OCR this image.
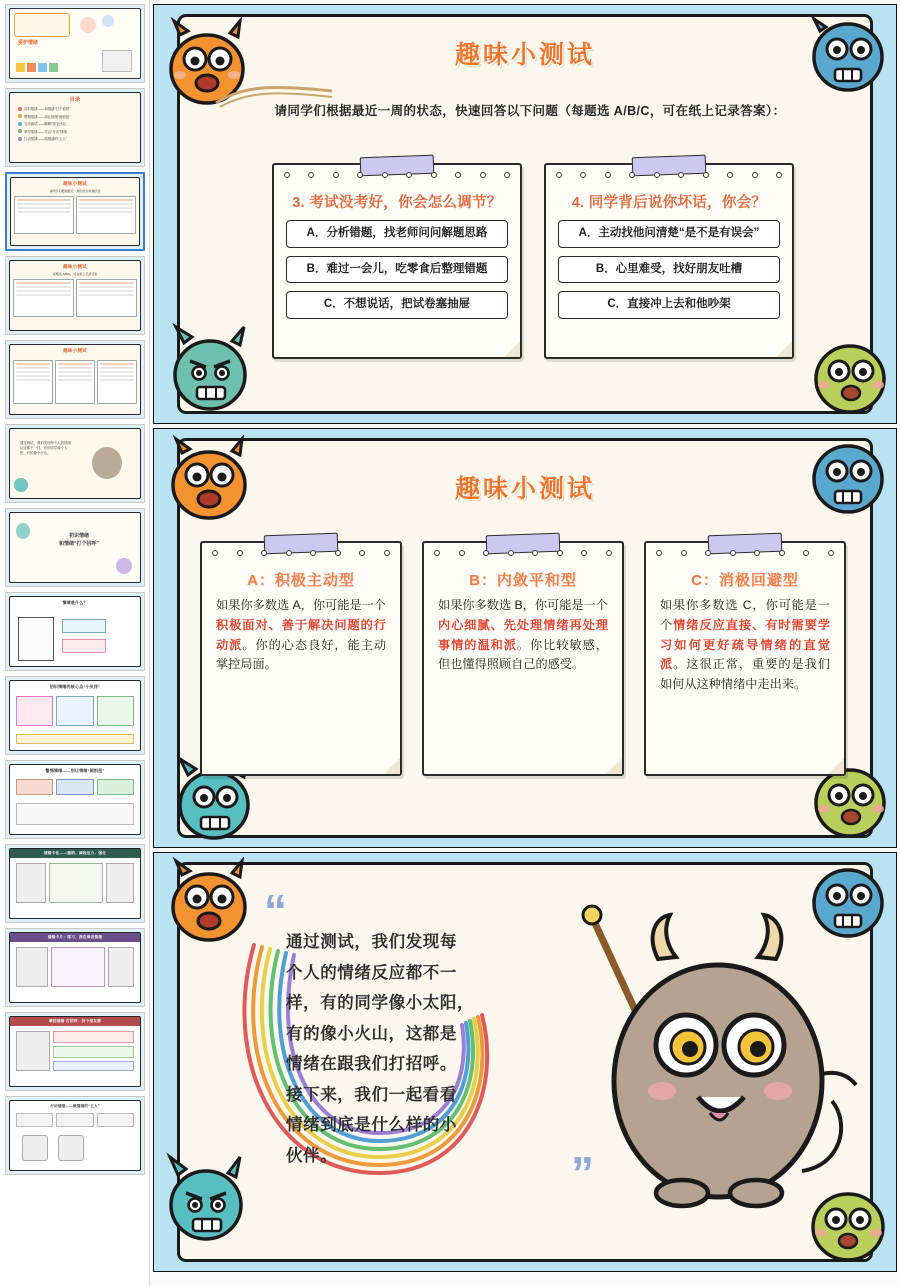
爱护情绪
目录
初识情绪——和情绪“打个招呼”
警惕情绪——别让情绪“闹别扭”
互动测试——聊聊“我”此刻心
掌控情绪——学会“对话”情绪
行动情绪——做情绪的“主人”
趣味小测试
请同学们根据最近一周的状态快速回答
趣味小测试
每题选 A/B/C，可在纸上记录答案
趣味小测试
通过测试，我们发现每个人的情绪反应都不一样，有的同学像小太阳，有的像小火山。
初识情绪
和情绪“打个招呼”
情绪是什么？
初识情绪的核心点“小伙伴”
警惕情绪——别让情绪“闹别扭”
情绪卡住——接纳、减轻压力、强化
情绪卡片：练习、我在谁说情绪
掌控情绪·打招呼：找个朋友聊
行动情绪——做情绪的“主人”
趣味小测试
请同学们根据最近一周的状态，快速回答以下问题（每题选 A/B/C，可在纸上记录答案）：
3. 考试没考好，你会怎么调节？
A．分析错题，找老师问问解题思路
B．难过一会儿，吃零食后整理错题
C．不想说话，把试卷塞抽屉
4. 同学背后说你坏话，你会？
A．主动找他问清楚“是不是有误会”
B．心里难受，找好朋友吐槽
C．直接冲上去和他吵架
趣味小测试
A：积极主动型
如果你多数选 A，你可能是一个积极面对、善于解决问题的行动派。你的心态良好，能主动掌控局面。
B：内敛平和型
如果你多数选 B，你可能是一个内心细腻、先处理情绪再处理事情的温和派。你比较敏感，但也懂得照顾自己的感受。
C：消极回避型
如果你多数选 C，你可能是一个情绪反应直接、有时需要学习如何更好疏导情绪的直觉派。这很正常，重要的是我们如何从这种情绪中走出来。
“
通过测试，我们发现每
个人的情绪反应都不一
样，有的同学像小太阳，
有的像小火山，这都是
情绪在跟我们打招呼。
接下来，我们一起看看
情绪到底是什么样的小
伙伴。	”
